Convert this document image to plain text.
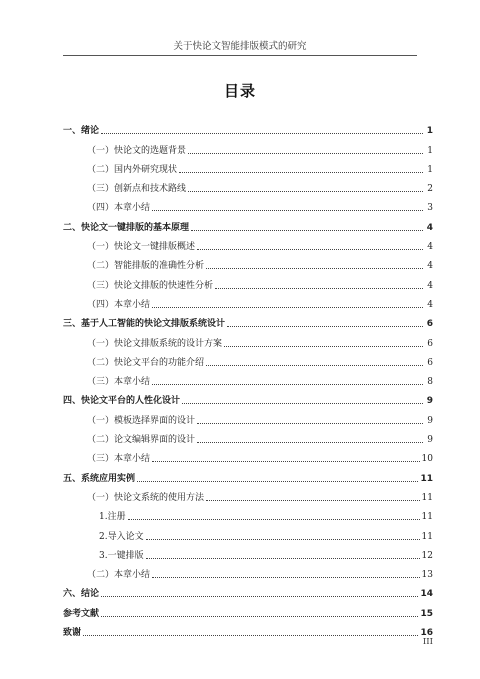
关于快论文智能排版模式的研究
目录
一、 绪论	1
（一） 快论文的选题背景	1
（二） 国内外研究现状	1
（三） 创新点和技术路线	2
（四） 本章小结	3
二、 快论文一键排版的基本原理	4
（一） 快论文一键排版概述	4
（二） 智能排版的准确性分析	4
（三） 快论文排版的快速性分析	4
（四） 本章小结	4
三、 基于人工智能的快论文排版系统设计	6
（一） 快论文排版系统的设计方案	6
（二） 快论文平台的功能介绍	6
（三） 本章小结	8
四、 快论文平台的人性化设计	9
（一） 模板选择界面的设计	9
（二） 论文编辑界面的设计	9
（三） 本章小结	10
五、 系统应用实例	11
（一） 快论文系统的使用方法	11
1. 注册	11
2. 导入论文	11
3. 一键排版	12
（二） 本章小结	13
六、 结论	14
参考文献	15
致谢	16
III
